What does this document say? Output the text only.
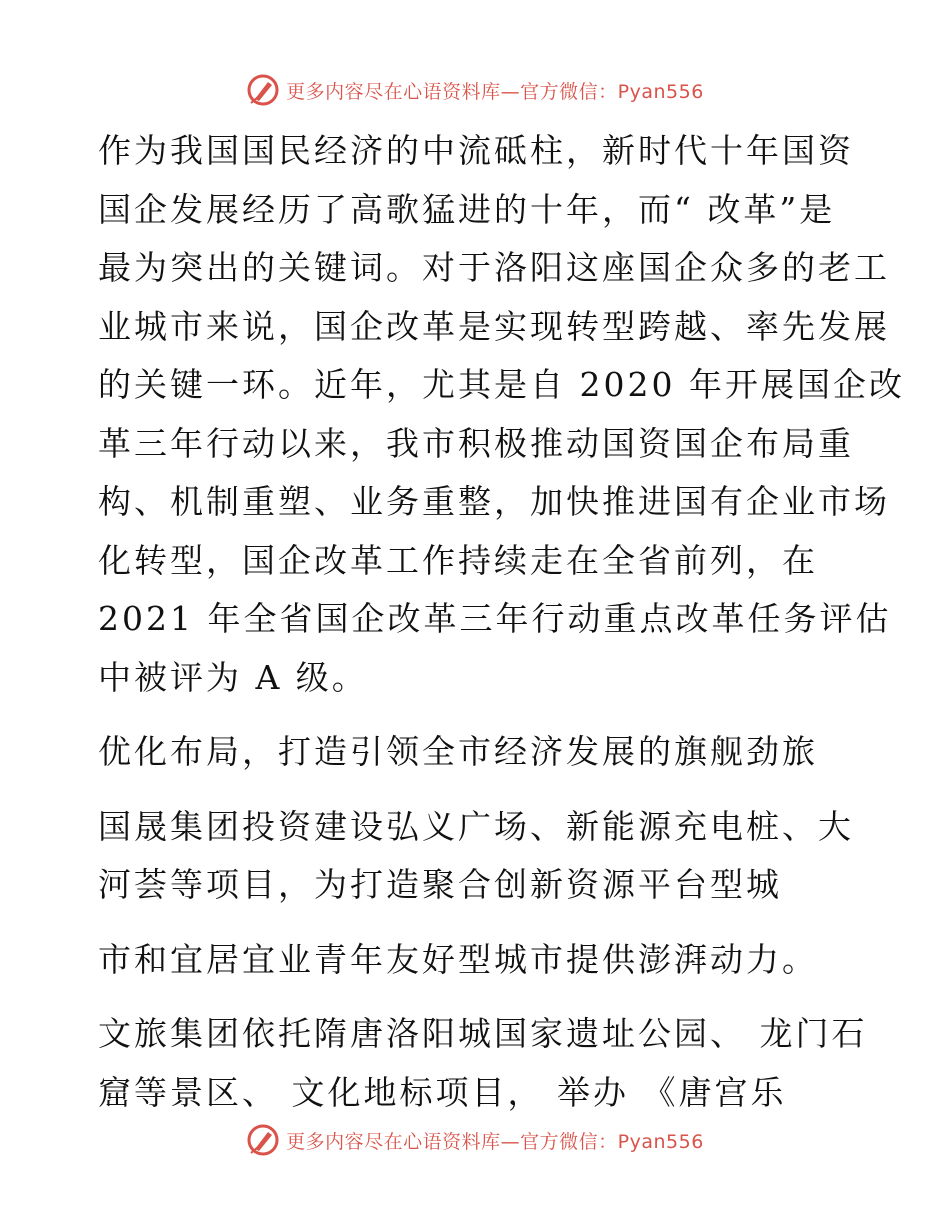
更多内容尽在心语资料库—官方微信：Pyan556

作为我国国民经济的中流砥柱，新时代十年国资
国企发展经历了高歌猛进的十年，而“ 改革”是
最为突出的关键词。对于洛阳这座国企众多的老工
业城市来说，国企改革是实现转型跨越、率先发展
的关键一环。近年，尤其是自 2020 年开展国企改
革三年行动以来，我市积极推动国资国企布局重
构、机制重塑、业务重整，加快推进国有企业市场
化转型，国企改革工作持续走在全省前列，在
2021 年全省国企改革三年行动重点改革任务评估
中被评为 A 级。

优化布局，打造引领全市经济发展的旗舰劲旅

国晟集团投资建设弘义广场、新能源充电桩、大
河荟等项目，为打造聚合创新资源平台型城

市和宜居宜业青年友好型城市提供澎湃动力。

文旅集团依托隋唐洛阳城国家遗址公园、 龙门石
窟等景区、 文化地标项目， 举办 《唐宫乐

更多内容尽在心语资料库—官方微信：Pyan556
